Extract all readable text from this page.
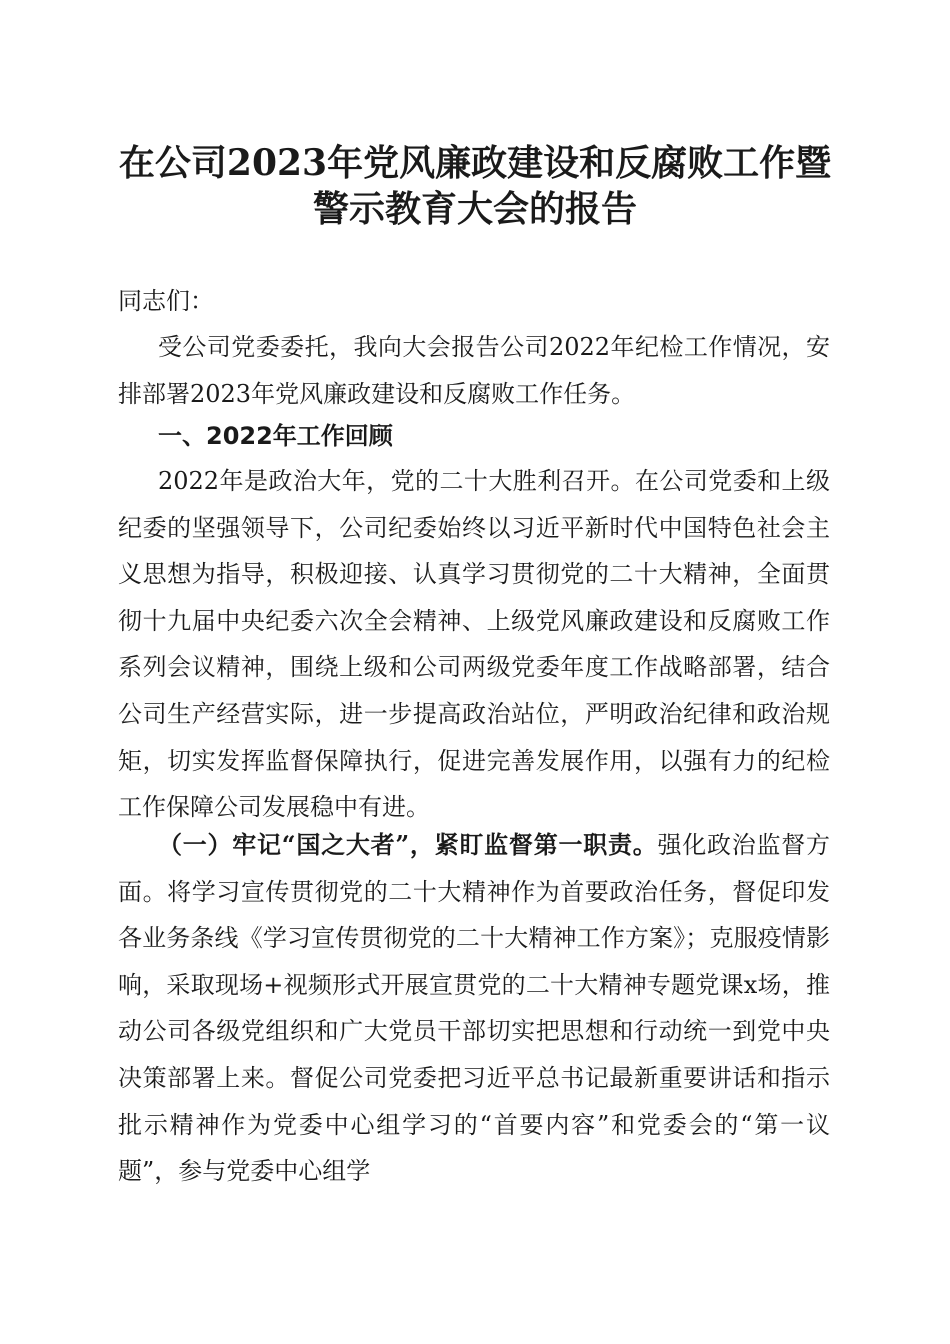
在公司2023年党风廉政建设和反腐败工作暨
警示教育大会的报告

同志们：

受公司党委委托，我向大会报告公司2022年纪检工作情况，安排部署2023年党风廉政建设和反腐败工作任务。

一、2022年工作回顾

2022年是政治大年，党的二十大胜利召开。在公司党委和上级纪委的坚强领导下，公司纪委始终以习近平新时代中国特色社会主义思想为指导，积极迎接、认真学习贯彻党的二十大精神，全面贯彻十九届中央纪委六次全会精神、上级党风廉政建设和反腐败工作系列会议精神，围绕上级和公司两级党委年度工作战略部署，结合公司生产经营实际，进一步提高政治站位，严明政治纪律和政治规矩，切实发挥监督保障执行，促进完善发展作用，以强有力的纪检工作保障公司发展稳中有进。

（一）牢记“国之大者”，紧盯监督第一职责。强化政治监督方面。将学习宣传贯彻党的二十大精神作为首要政治任务，督促印发各业务条线《学习宣传贯彻党的二十大精神工作方案》；克服疫情影响，采取现场+视频形式开展宣贯党的二十大精神专题党课x场，推动公司各级党组织和广大党员干部切实把思想和行动统一到党中央决策部署上来。督促公司党委把习近平总书记最新重要讲话和指示批示精神作为党委中心组学习的“首要内容”和党委会的“第一议题”，参与党委中心组学
